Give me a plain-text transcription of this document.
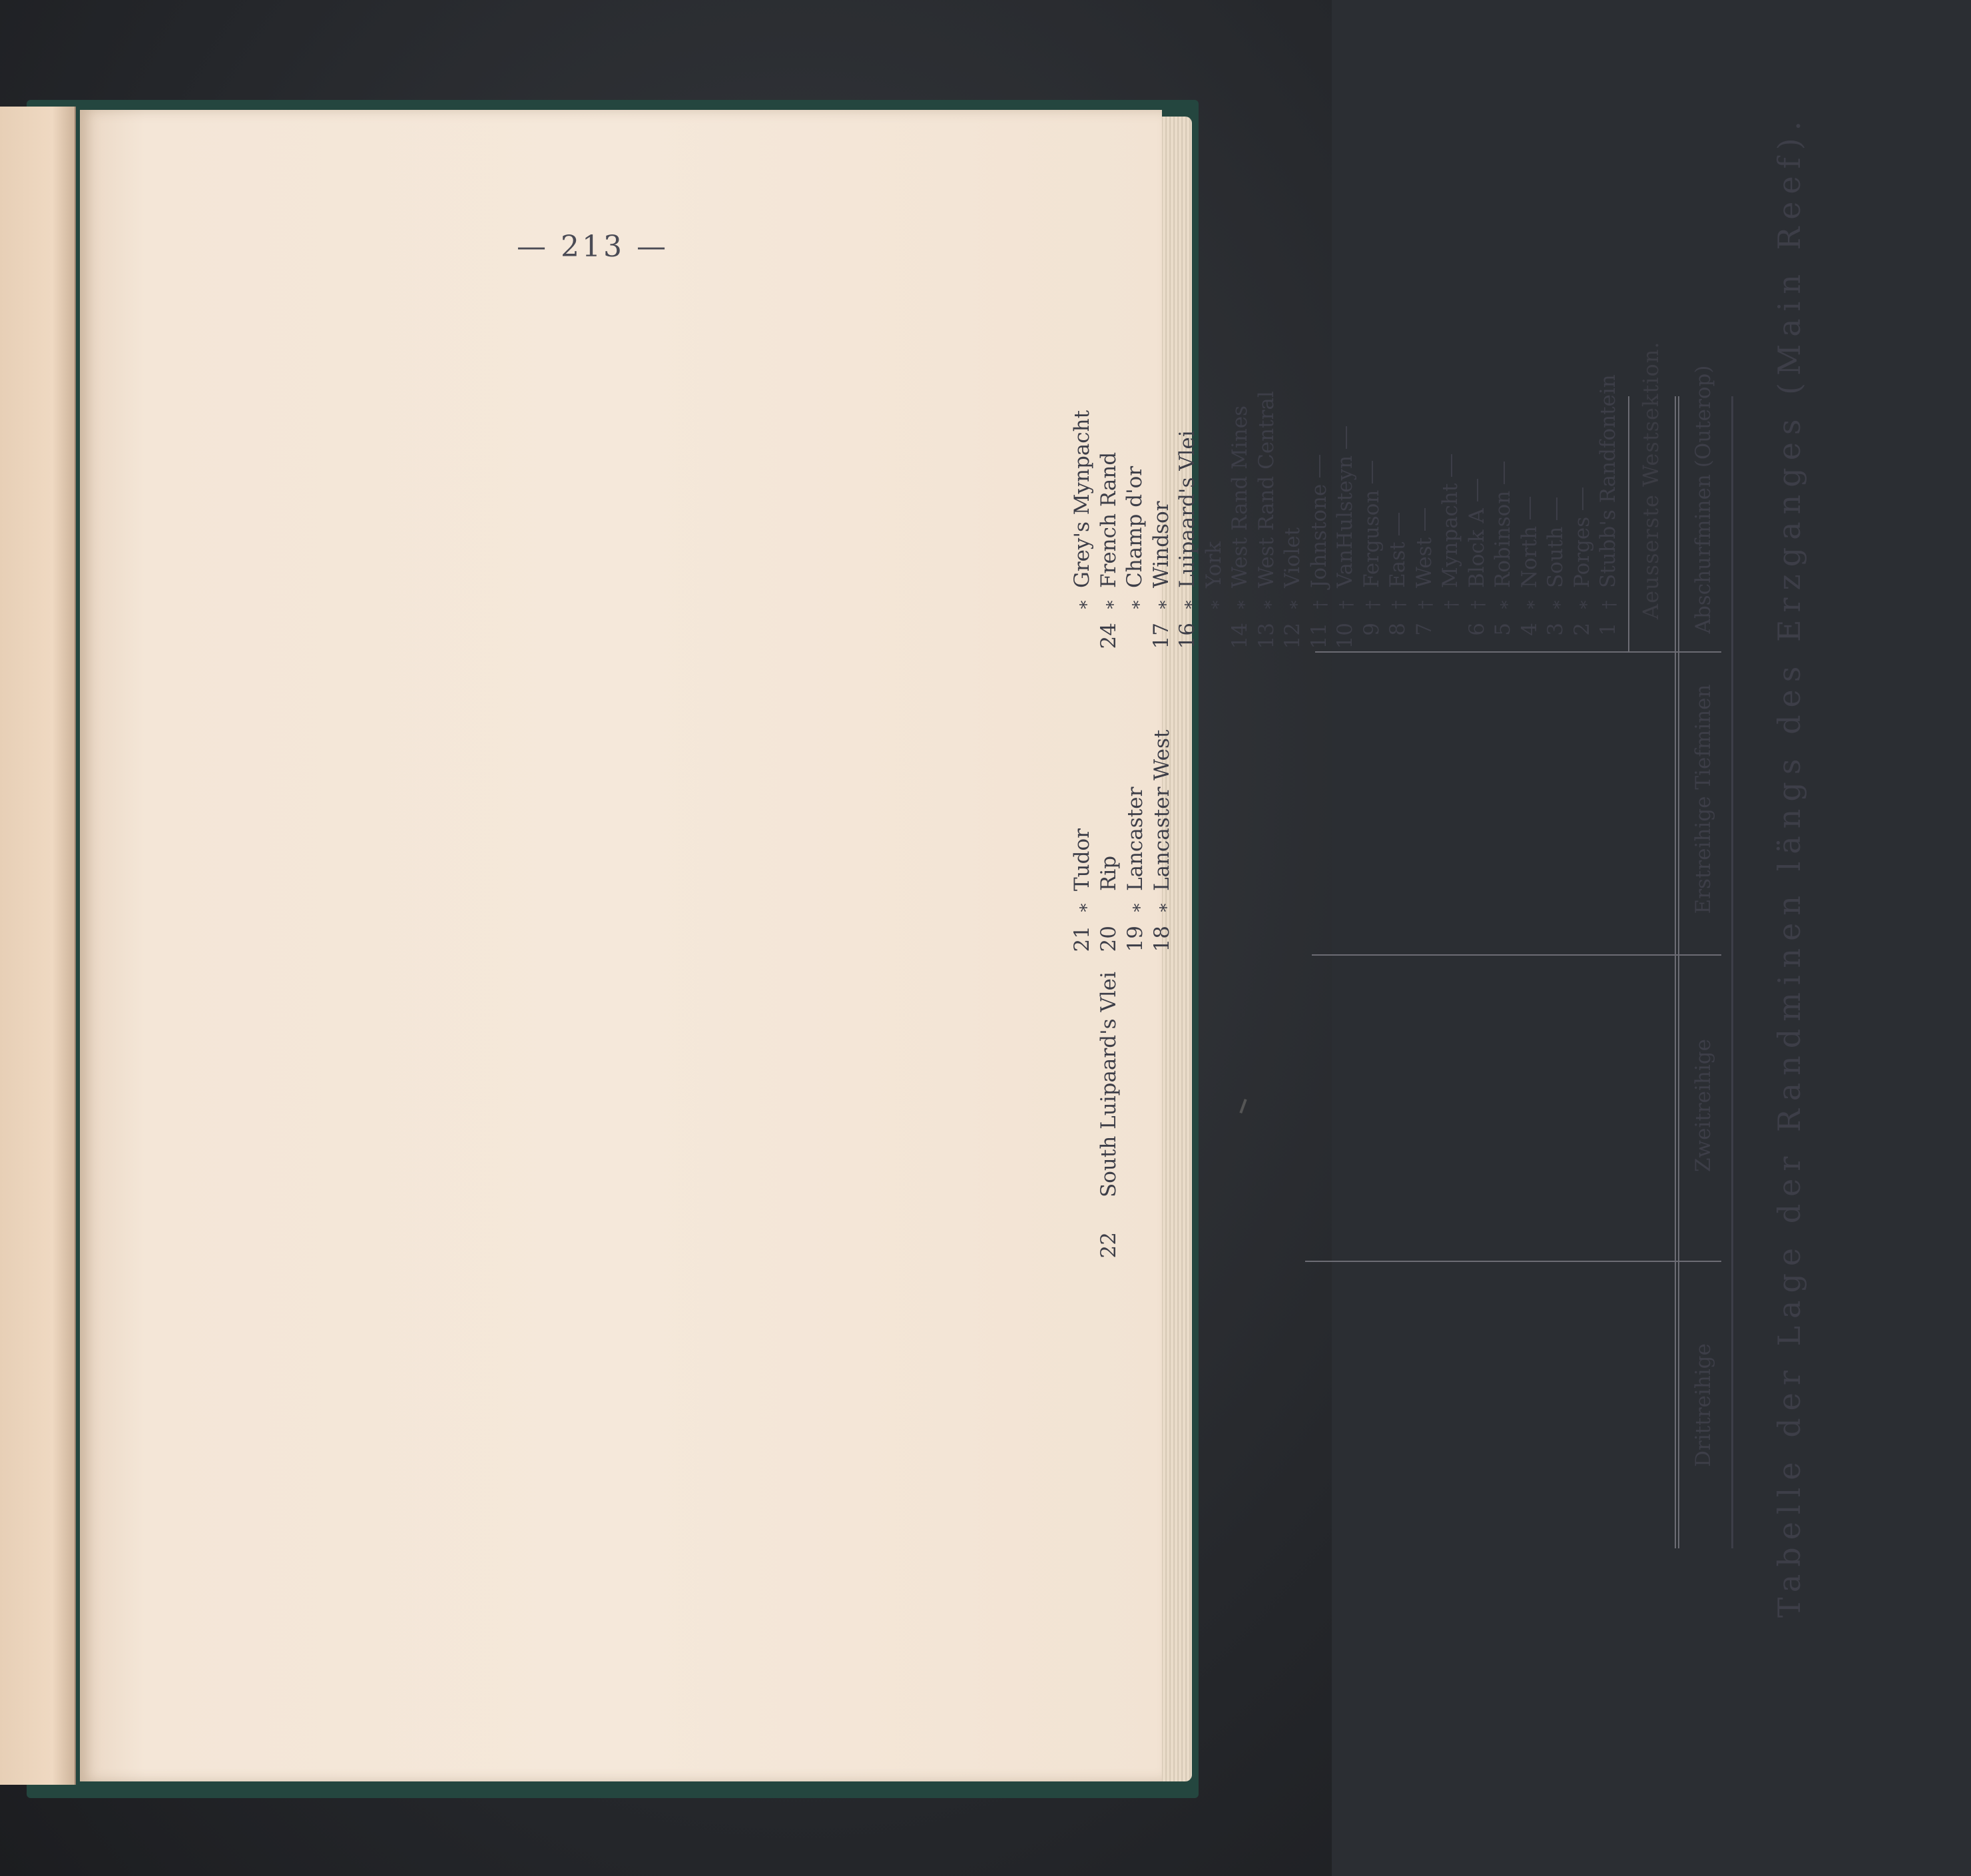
— 213 —	Tabelle der Lage der Randminen längs des Erzganges (Main Reef).
Drittreihige
Zweitreihige
Erstreihige Tiefminen
Abschurfminen (Outerop)
Aeusserste Westsektion.
1†Stubb's Randfontein
2∗Porges
3∗South
4∗North
5∗Robinson
6†Block A
†Mynpacht
7†West
8†East
9†Ferguson
10†VanHulsteyn
11†Johnstone
12∗Violet
13∗West Rand Central
14∗West Rand Mines
∗York
16∗Luipaard's Vlei
17∗Windsor
∗Champ d'or
24∗French Rand
∗Grey's Mynpacht
18∗Lancaster West
19∗Lancaster
20Rip
21∗Tudor
22South Luipaard's Vlei
